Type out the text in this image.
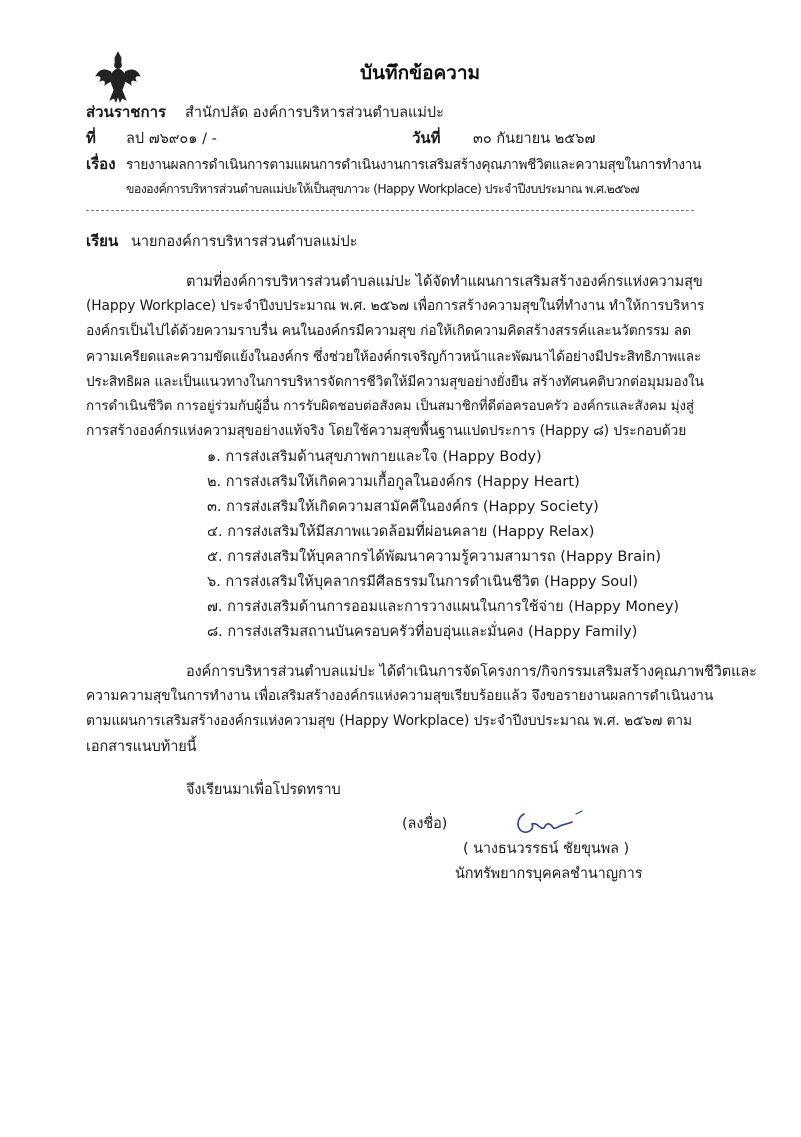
บันทึกข้อความ
ส่วนราชการ สำนักปลัด องค์การบริหารส่วนตำบลแม่ปะ
ที่ ลป ๗๖๙๐๑ / -	วันที่ ๓๐ กันยายน ๒๕๖๗
เรื่อง รายงานผลการดำเนินการตามแผนการดำเนินงานการเสริมสร้างคุณภาพชีวิตและความสุขในการทำงาน
ขององค์การบริหารส่วนตำบลแม่ปะให้เป็นสุขภาวะ (Happy Workplace) ประจำปีงบประมาณ พ.ศ.๒๕๖๗
เรียน นายกองค์การบริหารส่วนตำบลแม่ปะ
ตามที่องค์การบริหารส่วนตำบลแม่ปะ ได้จัดทำแผนการเสริมสร้างองค์กรแห่งความสุข
(Happy Workplace) ประจำปีงบประมาณ พ.ศ. ๒๕๖๗ เพื่อการสร้างความสุขในที่ทำงาน ทำให้การบริหาร
องค์กรเป็นไปได้ด้วยความราบรื่น คนในองค์กรมีความสุข ก่อให้เกิดความคิดสร้างสรรค์และนวัตกรรม ลด
ความเครียดและความขัดแย้งในองค์กร ซึ่งช่วยให้องค์กรเจริญก้าวหน้าและพัฒนาได้อย่างมีประสิทธิภาพและ
ประสิทธิผล และเป็นแนวทางในการบริหารจัดการชีวิตให้มีความสุขอย่างยั่งยืน สร้างทัศนคติบวกต่อมุมมองใน
การดำเนินชีวิต การอยู่ร่วมกับผู้อื่น การรับผิดชอบต่อสังคม เป็นสมาชิกที่ดีต่อครอบครัว องค์กรและสังคม มุ่งสู่
การสร้างองค์กรแห่งความสุขอย่างแท้จริง โดยใช้ความสุขพื้นฐานแปดประการ (Happy ๘) ประกอบด้วย
๑. การส่งเสริมด้านสุขภาพกายและใจ (Happy Body)
๒. การส่งเสริมให้เกิดความเกื้อกูลในองค์กร (Happy Heart)
๓. การส่งเสริมให้เกิดความสามัคคีในองค์กร (Happy Society)
๔. การส่งเสริมให้มีสภาพแวดล้อมที่ผ่อนคลาย (Happy Relax)
๕. การส่งเสริมให้บุคลากรได้พัฒนาความรู้ความสามารถ (Happy Brain)
๖. การส่งเสริมให้บุคลากรมีศีลธรรมในการดำเนินชีวิต (Happy Soul)
๗. การส่งเสริมด้านการออมและการวางแผนในการใช้จ่าย (Happy Money)
๘. การส่งเสริมสถานบันครอบครัวที่อบอุ่นและมั่นคง (Happy Family)
องค์การบริหารส่วนตำบลแม่ปะ ได้ดำเนินการจัดโครงการ/กิจกรรมเสริมสร้างคุณภาพชีวิตและ
ความความสุขในการทำงาน เพื่อเสริมสร้างองค์กรแห่งความสุขเรียบร้อยแล้ว จึงขอรายงานผลการดำเนินงาน
ตามแผนการเสริมสร้างองค์กรแห่งความสุข (Happy Workplace) ประจำปีงบประมาณ พ.ศ. ๒๕๖๗ ตาม
เอกสารแนบท้ายนี้
จึงเรียนมาเพื่อโปรดทราบ
(ลงชื่อ)
( นางธนวรรธน์ ชัยขุนพล )
นักทรัพยากรบุคคลชำนาญการ
